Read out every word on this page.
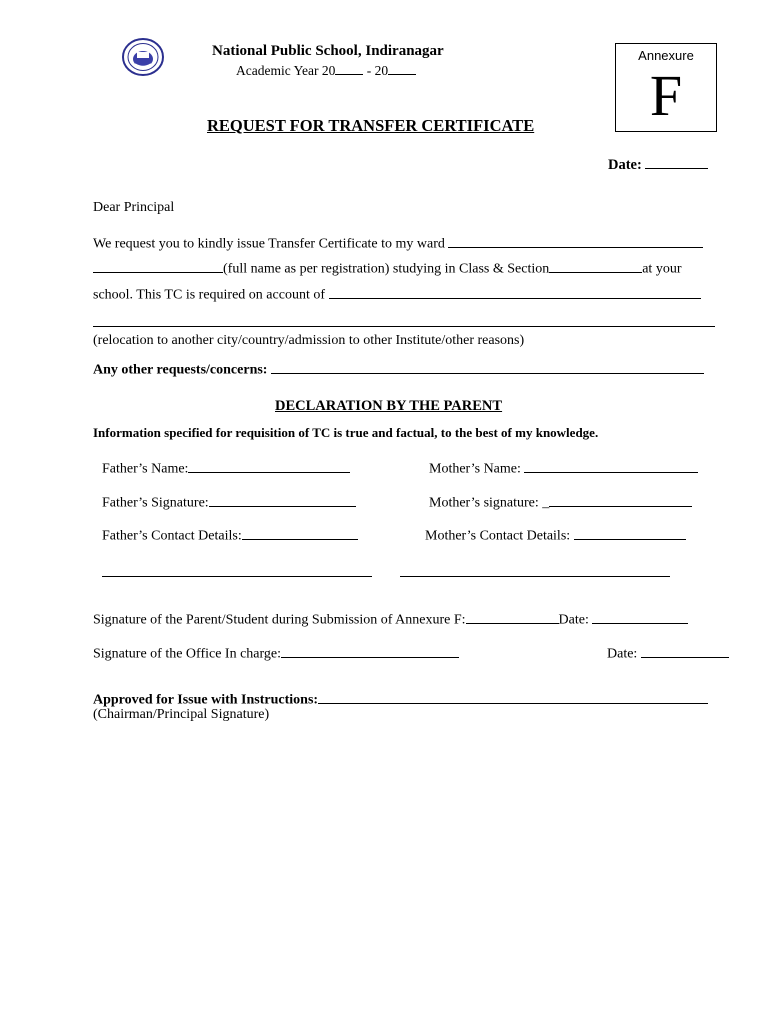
National Public School, Indiranagar
Academic Year 20 - 20
Annexure
F
REQUEST FOR TRANSFER CERTIFICATE
Date:
Dear Principal
We request you to kindly issue Transfer Certificate to my ward
(full name as per registration) studying in Class & Section	at your
school. This TC is required on account of
(relocation to another city/country/admission to other Institute/other reasons)
Any other requests/concerns:
DECLARATION BY THE PARENT
Information specified for requisition of TC is true and factual, to the best of my knowledge.
Father’s Name:	Mother’s Name:
Father’s Signature:	Mother’s signature: _
Father’s Contact Details:	Mother’s Contact Details:
Signature of the Parent/Student during Submission of Annexure F:	Date:
Signature of the Office In charge:	Date:
Approved for Issue with Instructions:
(Chairman/Principal Signature)
